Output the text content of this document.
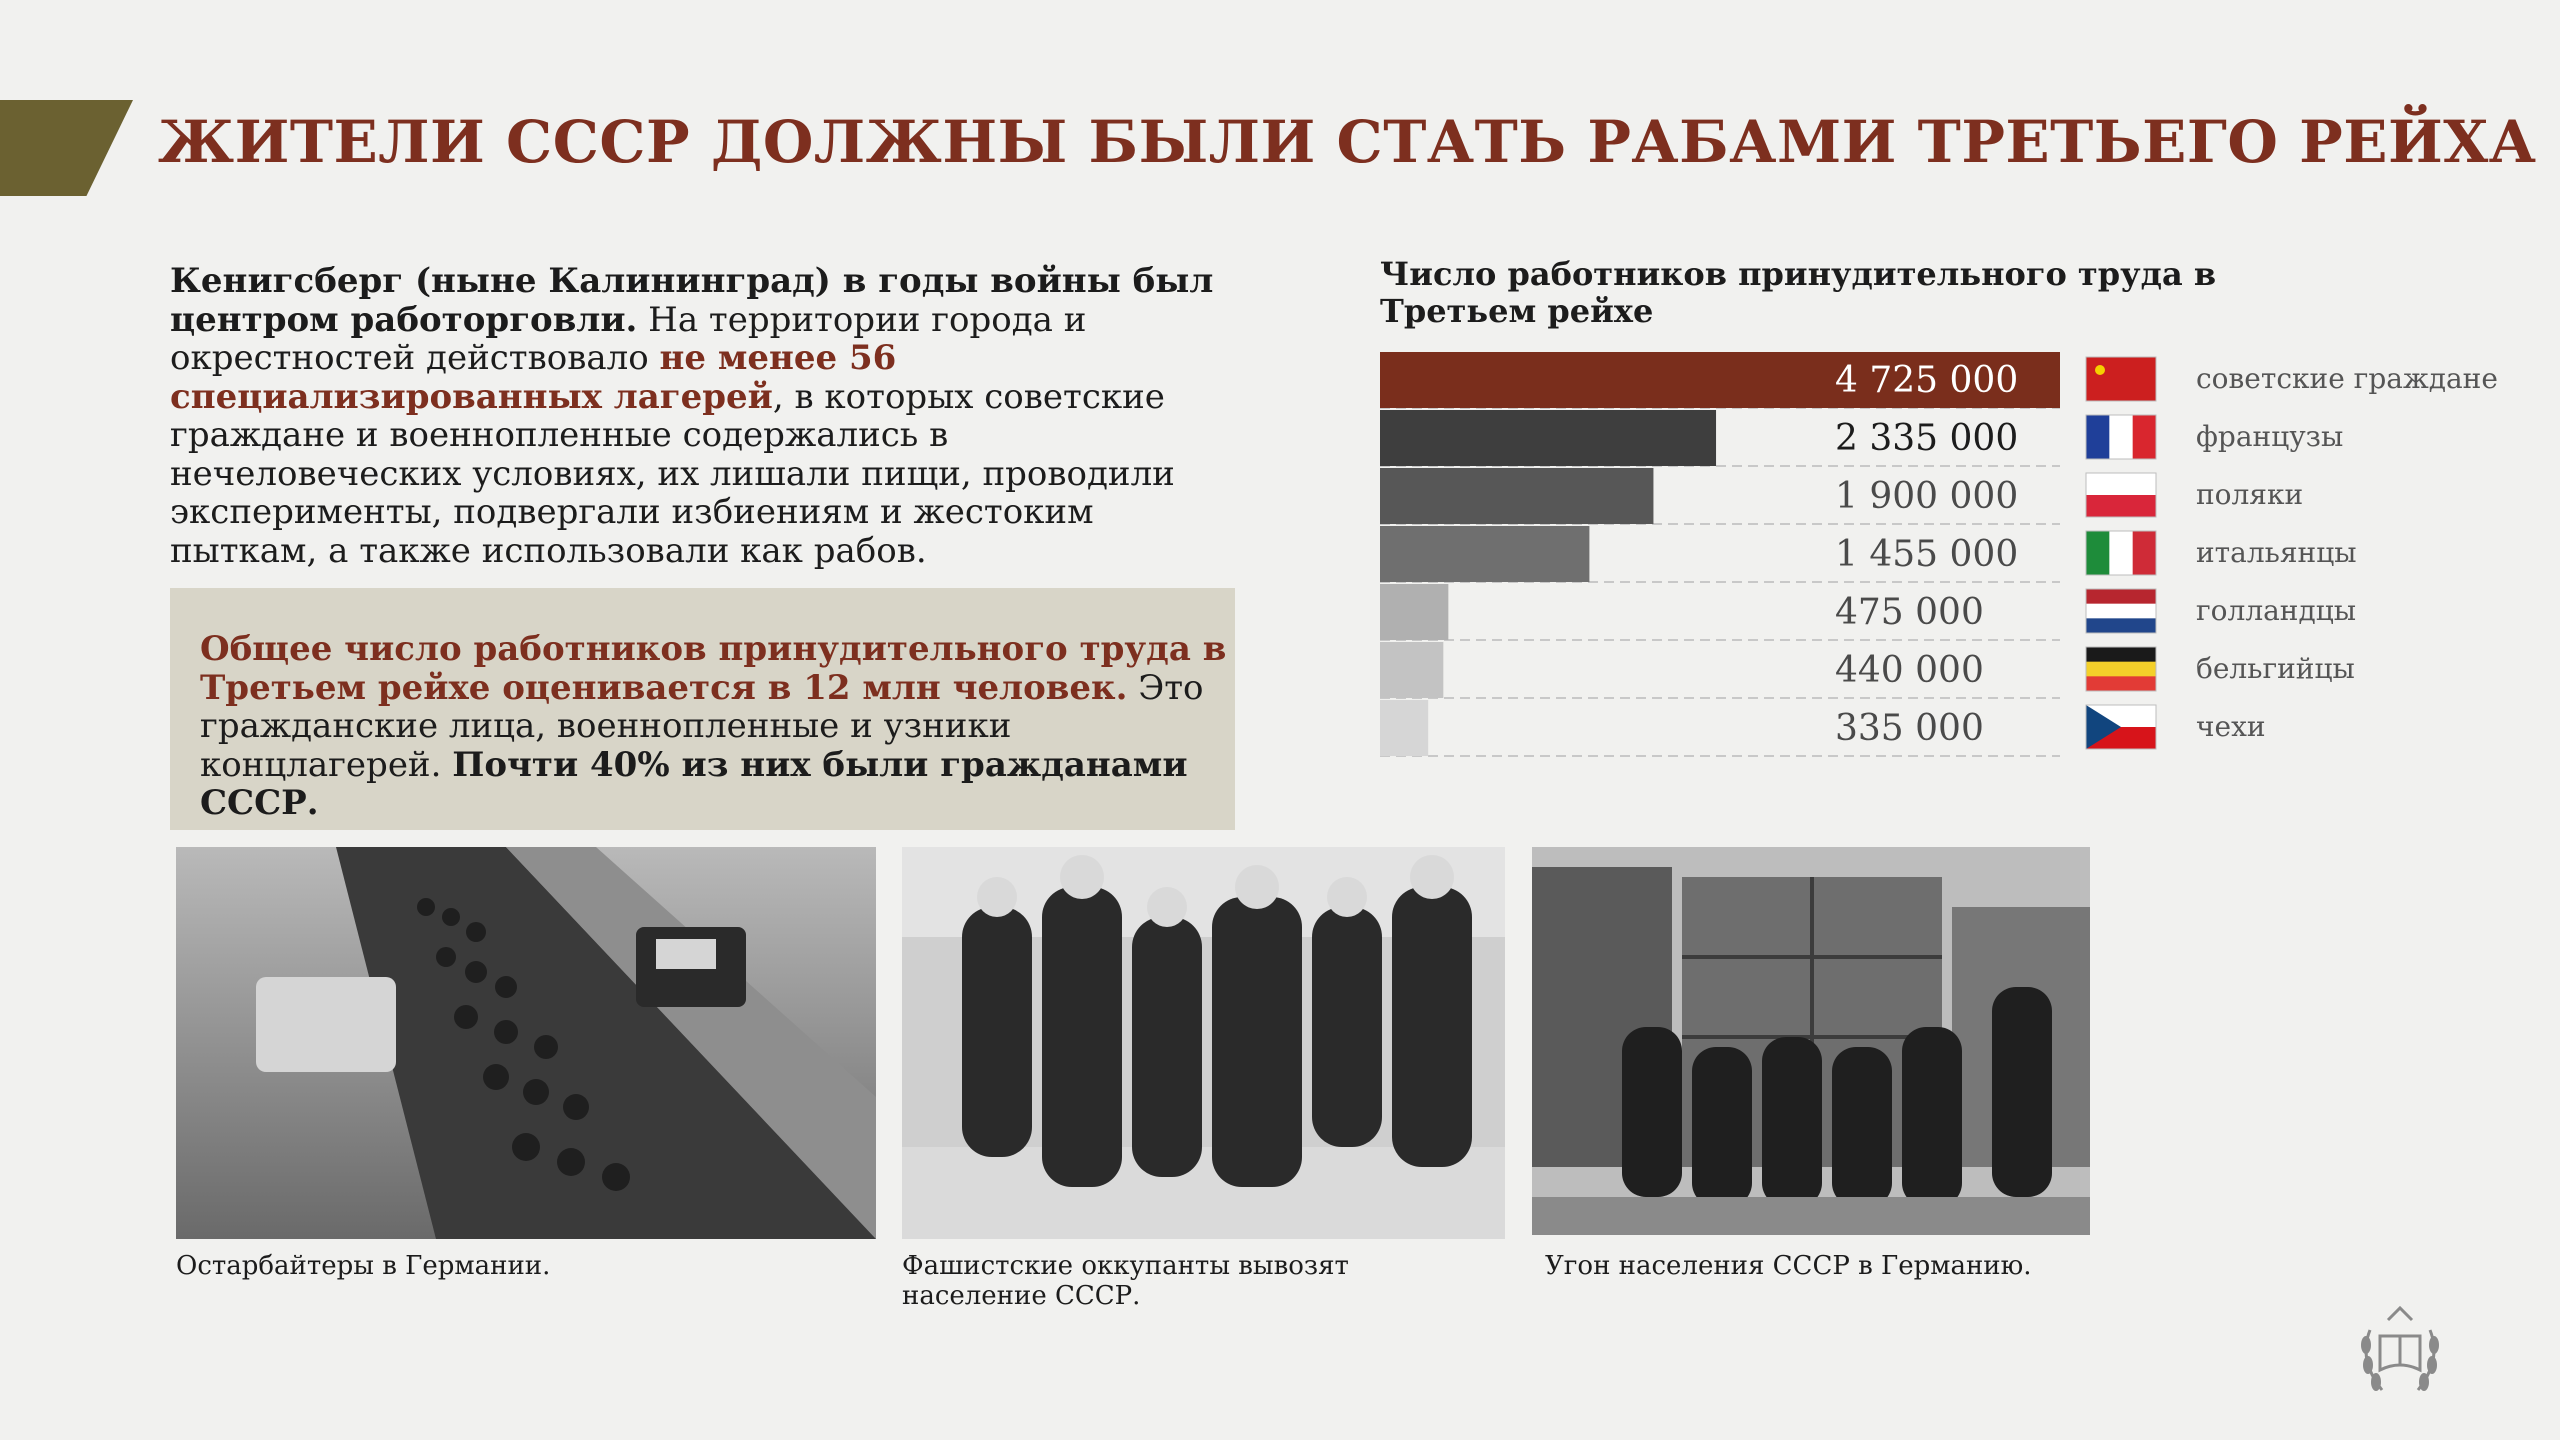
ЖИТЕЛИ СССР ДОЛЖНЫ БЫЛИ СТАТЬ РАБАМИ ТРЕТЬЕГО РЕЙХА
Кенигсберг (ныне Калининград) в годы войны был центром работорговли. На территории города и окрестностей действовало не менее 56 специализированных лагерей, в которых советские граждане и военнопленные содержались в нечеловеческих условиях, их лишали пищи, проводили эксперименты, подвергали избиениям и жестоким пыткам, а также использовали как рабов.
Общее число работников принудительного труда в Третьем рейхе оценивается в 12 млн человек. Это гражданские лица, военнопленные и узники концлагерей. Почти 40% из них были гражданами СССР.
Число работников принудительного труда в Третьем рейхе
4 725 000	советские граждане
2 335 000	французы
1 900 000	поляки
1 455 000	итальянцы
475 000	голландцы
440 000	бельгийцы
335 000	чехи
Остарбайтеры в Германии.	Фашистские оккупанты вывозят население СССР.
Угон населения СССР в Германию.
